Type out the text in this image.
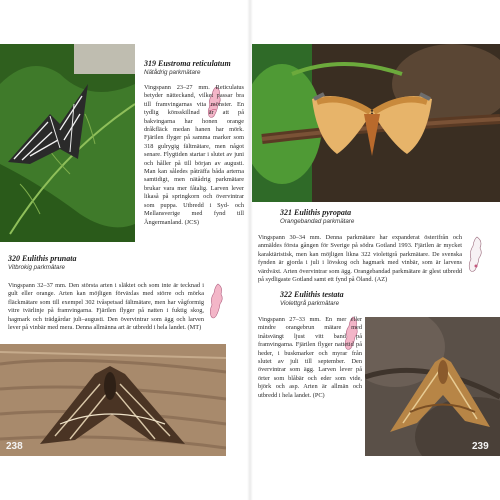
319 Eustroma reticulatum
Nätådrig parkmätare
Vingspann 23–27 mm. Reticulatus betyder nätteckand, vilket passar bra till framvingarnas vita mönster. En tydlig könsskillnad är att på bakvingarna har honen orange dråkfläck medan hanen har mörk. Fjärilen flyger på samma marker som 318 gulrygig fältmätare, men något senare. Flygtiden startar i slutet av juni och håller på till början av augusti. Man kan således påträffa båda arterna samtidigt, men nätådrig parkmätare brukar vara mer fåtalig. Larven lever likaså på springkorn och övervintrar som puppa. Utbredd i Syd- och Mellansverige med fynd till Ångermanland. (JCS)
320 Eulithis prunata
Vitbrokig parkmätare
Vingspann 32–37 mm. Den största arten i släktet och som inte är tecknad i gult eller orange. Arten kan möjligen förväxlas med större och mörka fläckmätare som till exempel 302 tvåspetsad fältmätare, men har vågformig vitre tvärlinje på framvingarna. Fjärilen flyger på natten i fuktig skog, hagmark och trädgårdar juli–augusti. Den övervintrar som ägg och larven lever på vinbär med mera. Denna allmänna art är utbredd i hela landet. (MT)
238
321 Eulithis pyropata
Orangebandad parkmätare
Vingspann 30–34 mm. Denna parkmätare har expanderat österifrån och anmäldes första gången för Sverige på södra Gotland 1993. Fjärilen är mycket karaktäristisk, men kan möjligen likna 322 violettgrå parkmätare. De svenska fynden är gjorda i juli i lövskog och hagmark med vinbär, som är larvens värdväxt. Arten övervintrar som ägg. Orangebandad parkmätare är glest utbredd på sydligaste Gotland samt ett fynd på Öland. (AZ)
322 Eulithis testata
Violettgrå parkmätare
Vingspann 27–33 mm. En mer eller mindre orangebrun mätare med inåtsvängt ljust vitt band på framvingarna. Fjärilen flyger nattetid på heder, i buskmarker och myrar från slutet av juli till september. Den övervintrar som ägg. Larven lever på örter som blåbär och eder som vide, björk och asp. Arten är allmän och utbredd i hela landet. (PC)
239
